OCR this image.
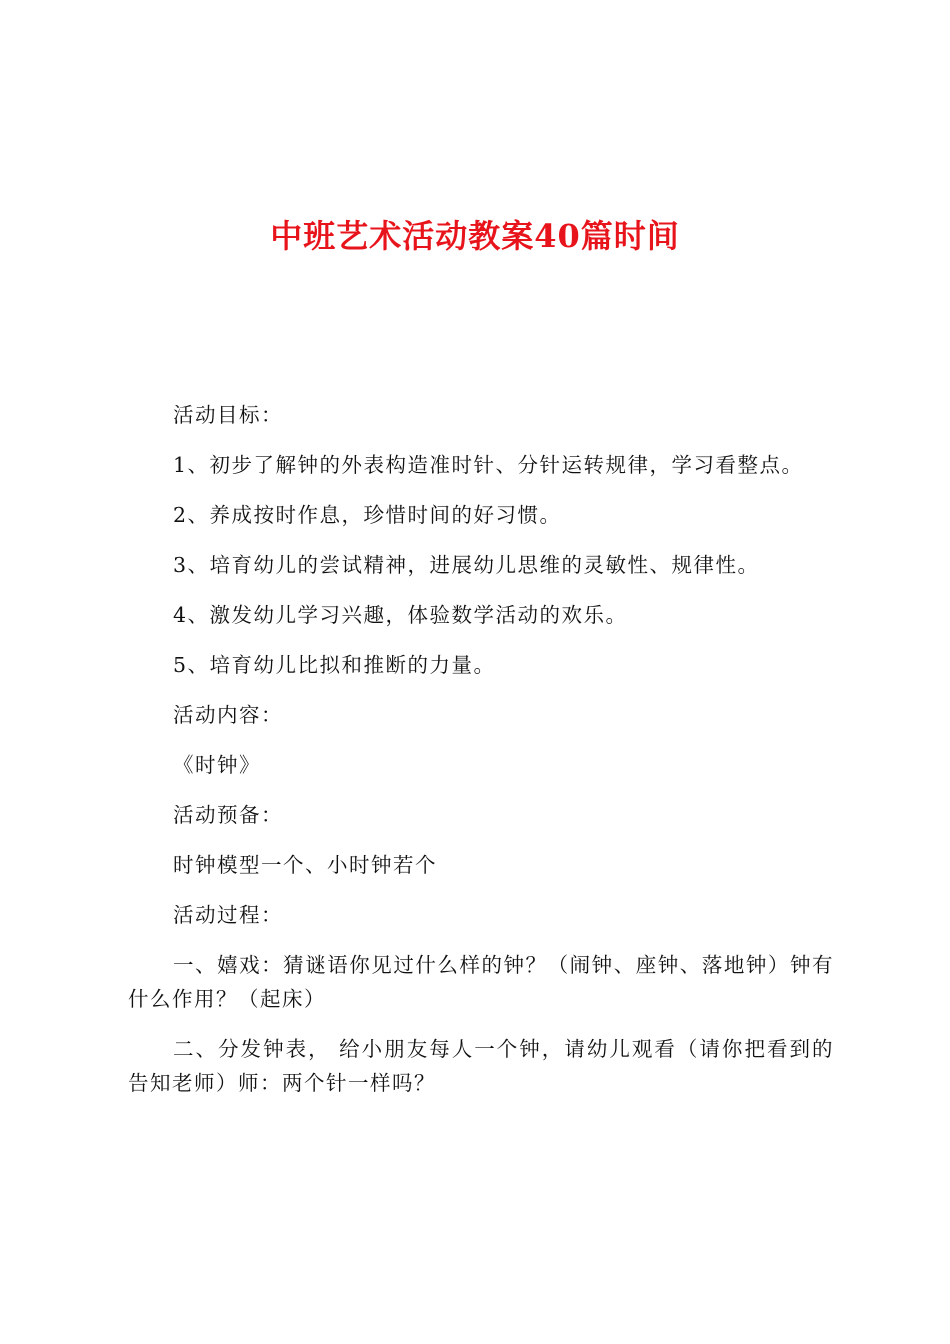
中班艺术活动教案40篇时间

活动目标：

1、初步了解钟的外表构造准时针、分针运转规律，学习看整点。

2、养成按时作息，珍惜时间的好习惯。

3、培育幼儿的尝试精神，进展幼儿思维的灵敏性、规律性。

4、激发幼儿学习兴趣，体验数学活动的欢乐。

5、培育幼儿比拟和推断的力量。

活动内容：

《时钟》

活动预备：

时钟模型一个、小时钟若个

活动过程：

一、嬉戏：猜谜语你见过什么样的钟？（闹钟、座钟、落地钟）钟有什么作用？（起床）

二、分发钟表， 给小朋友每人一个钟，请幼儿观看（请你把看到的告知老师）师：两个针一样吗？
